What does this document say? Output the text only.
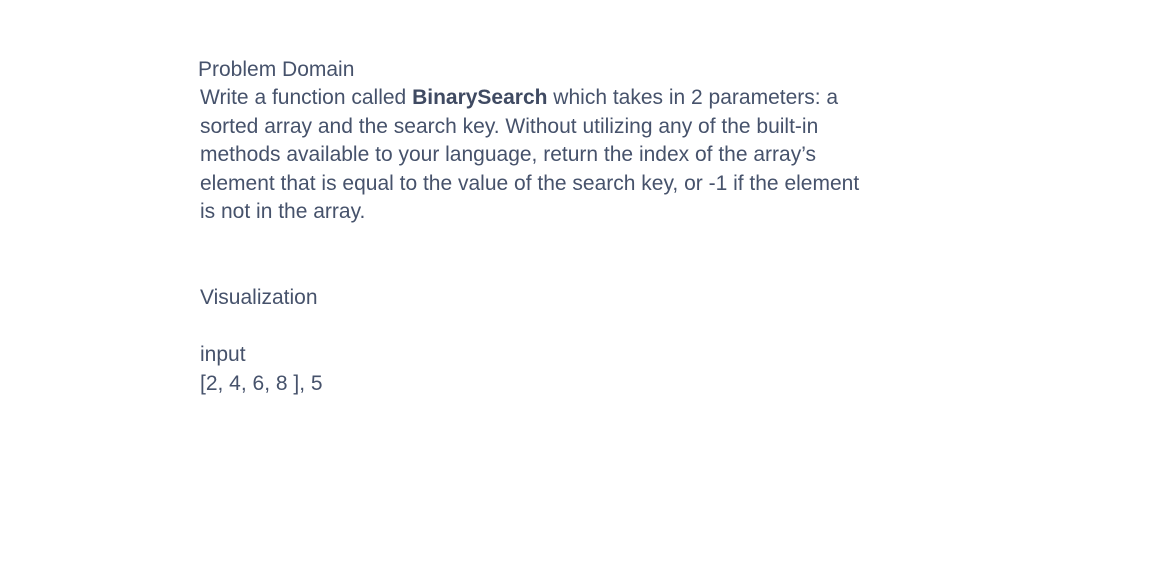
Problem Domain
Write a function called BinarySearch which takes in 2 parameters: a
sorted array and the search key. Without utilizing any of the built-in
methods available to your language, return the index of the array’s
element that is equal to the value of the search key, or -1 if the element
is not in the array.
Visualization
input
[2, 4, 6, 8 ], 5
